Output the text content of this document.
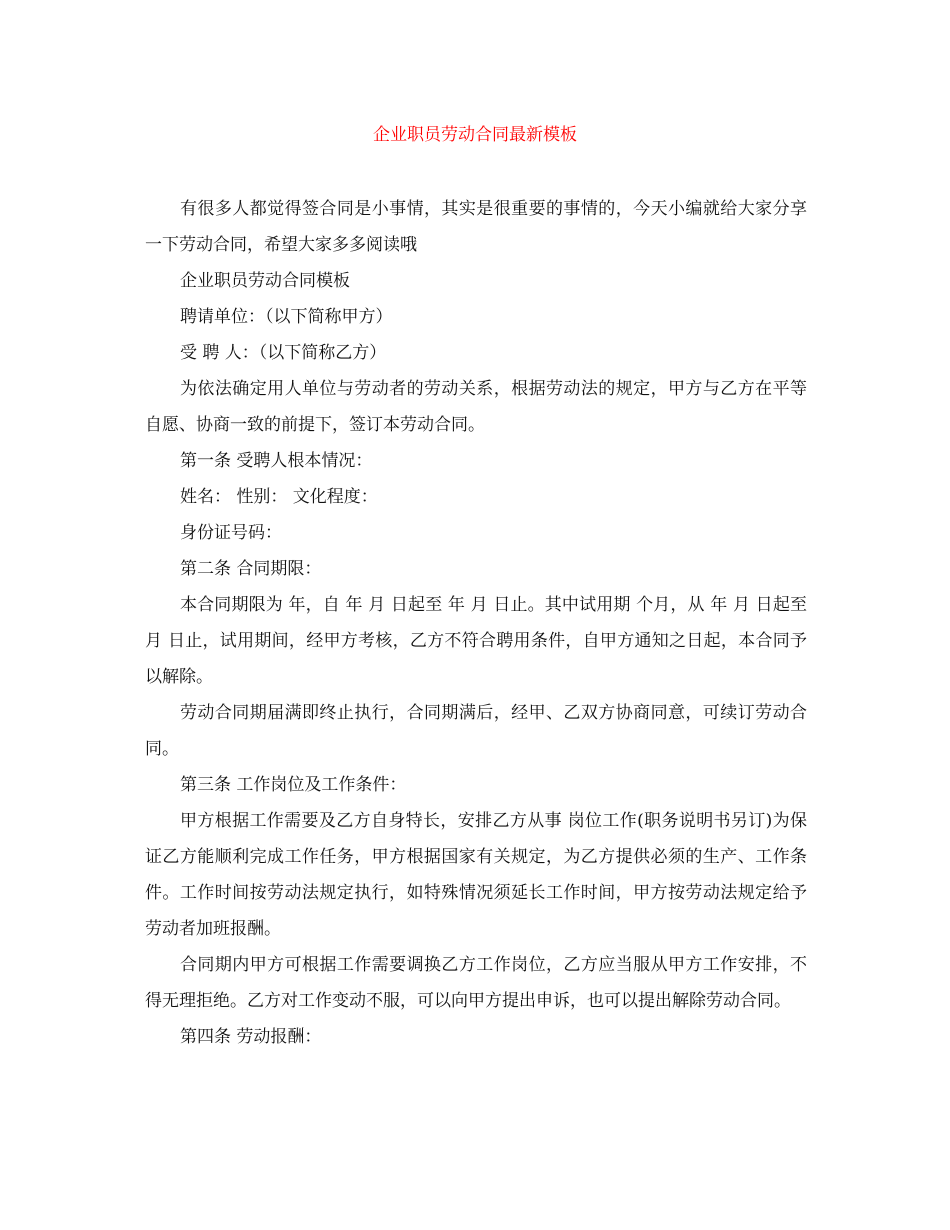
企业职员劳动合同最新模板

有很多人都觉得签合同是小事情，其实是很重要的事情的，今天小编就给大家分享一下劳动合同，希望大家多多阅读哦

企业职员劳动合同模板

聘请单位：（以下简称甲方）

受 聘 人：（以下简称乙方）

为依法确定用人单位与劳动者的劳动关系，根据劳动法的规定，甲方与乙方在平等自愿、协商一致的前提下，签订本劳动合同。

第一条 受聘人根本情况：

姓名： 性别： 文化程度：

身份证号码：

第二条 合同期限：

本合同期限为 年，自 年 月 日起至 年 月 日止。其中试用期 个月，从 年 月 日起至 月 日止，试用期间，经甲方考核，乙方不符合聘用条件，自甲方通知之日起，本合同予以解除。

劳动合同期届满即终止执行，合同期满后，经甲、乙双方协商同意，可续订劳动合同。

第三条 工作岗位及工作条件：

甲方根据工作需要及乙方自身特长，安排乙方从事 岗位工作(职务说明书另订)为保证乙方能顺利完成工作任务，甲方根据国家有关规定，为乙方提供必须的生产、工作条件。工作时间按劳动法规定执行，如特殊情况须延长工作时间，甲方按劳动法规定给予劳动者加班报酬。

合同期内甲方可根据工作需要调换乙方工作岗位，乙方应当服从甲方工作安排，不得无理拒绝。乙方对工作变动不服，可以向甲方提出申诉，也可以提出解除劳动合同。

第四条 劳动报酬：
